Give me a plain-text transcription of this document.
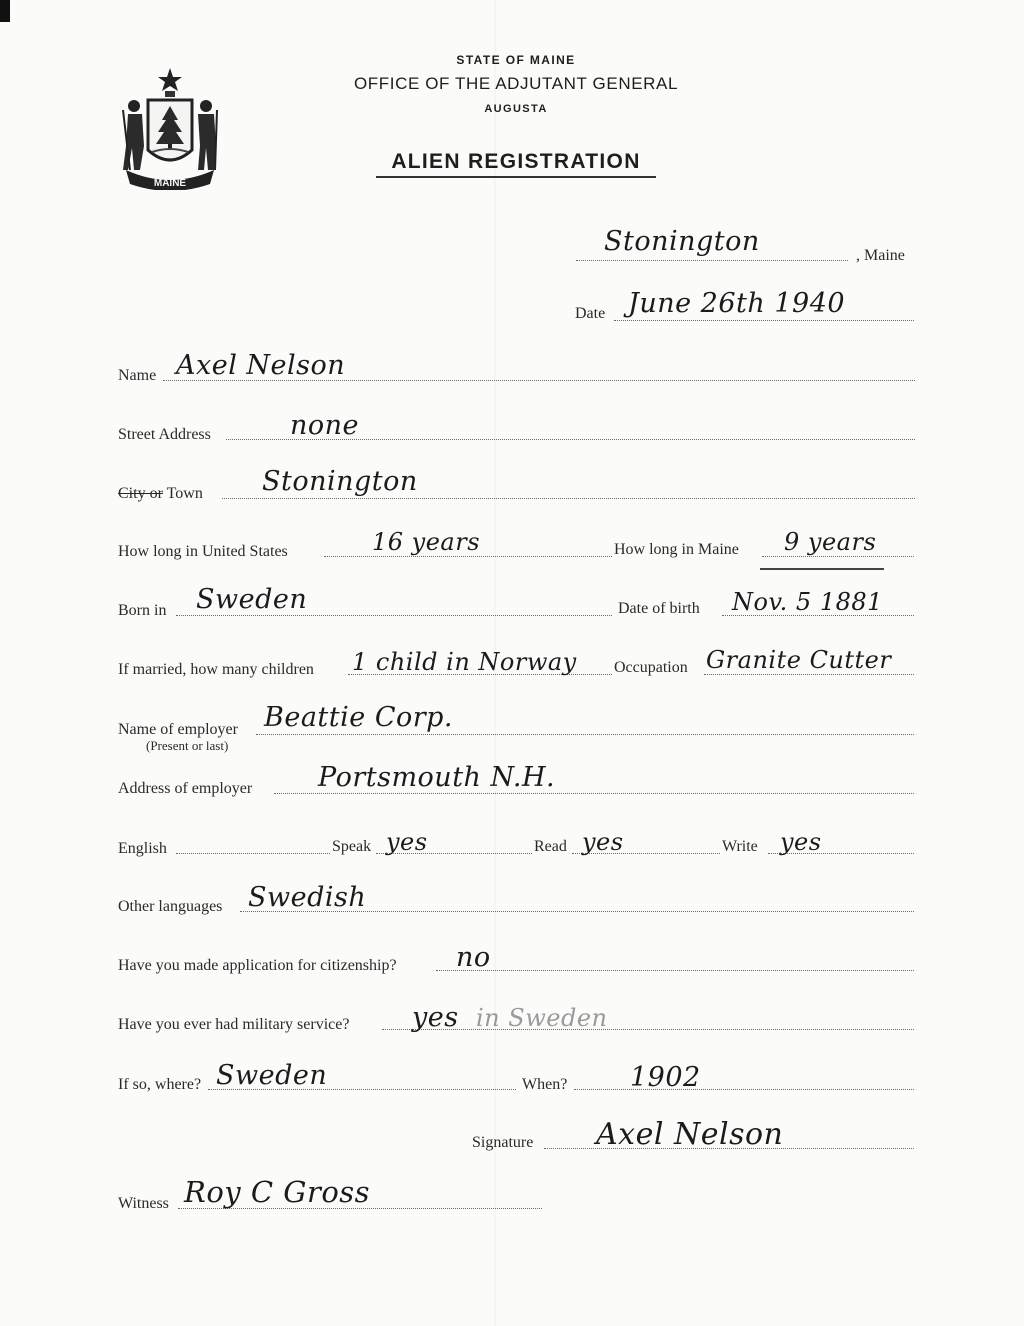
MAINE
STATE OF MAINE
OFFICE OF THE ADJUTANT GENERAL
AUGUSTA
ALIEN REGISTRATION
Stonington	, Maine
Date June 26th 1940
Name Axel Nelson
Street Address	none
City or Town Stonington
How long in United States	16 years	How long in Maine 9 years
Born in Sweden	Date of birth Nov. 5 1881
If married, how many children 1 child in Norway Occupation Granite Cutter
Name of employer
(Present or last)
Beattie Corp.
Address of employer Portsmouth N.H.
English	Speak yes	Read yes	Write yes
Other languages Swedish
Have you made application for citizenship? no
Have you ever had military service? yes in Sweden
If so, where? Sweden	When? 1902
Signature Axel Nelson
Witness Roy C Gross
